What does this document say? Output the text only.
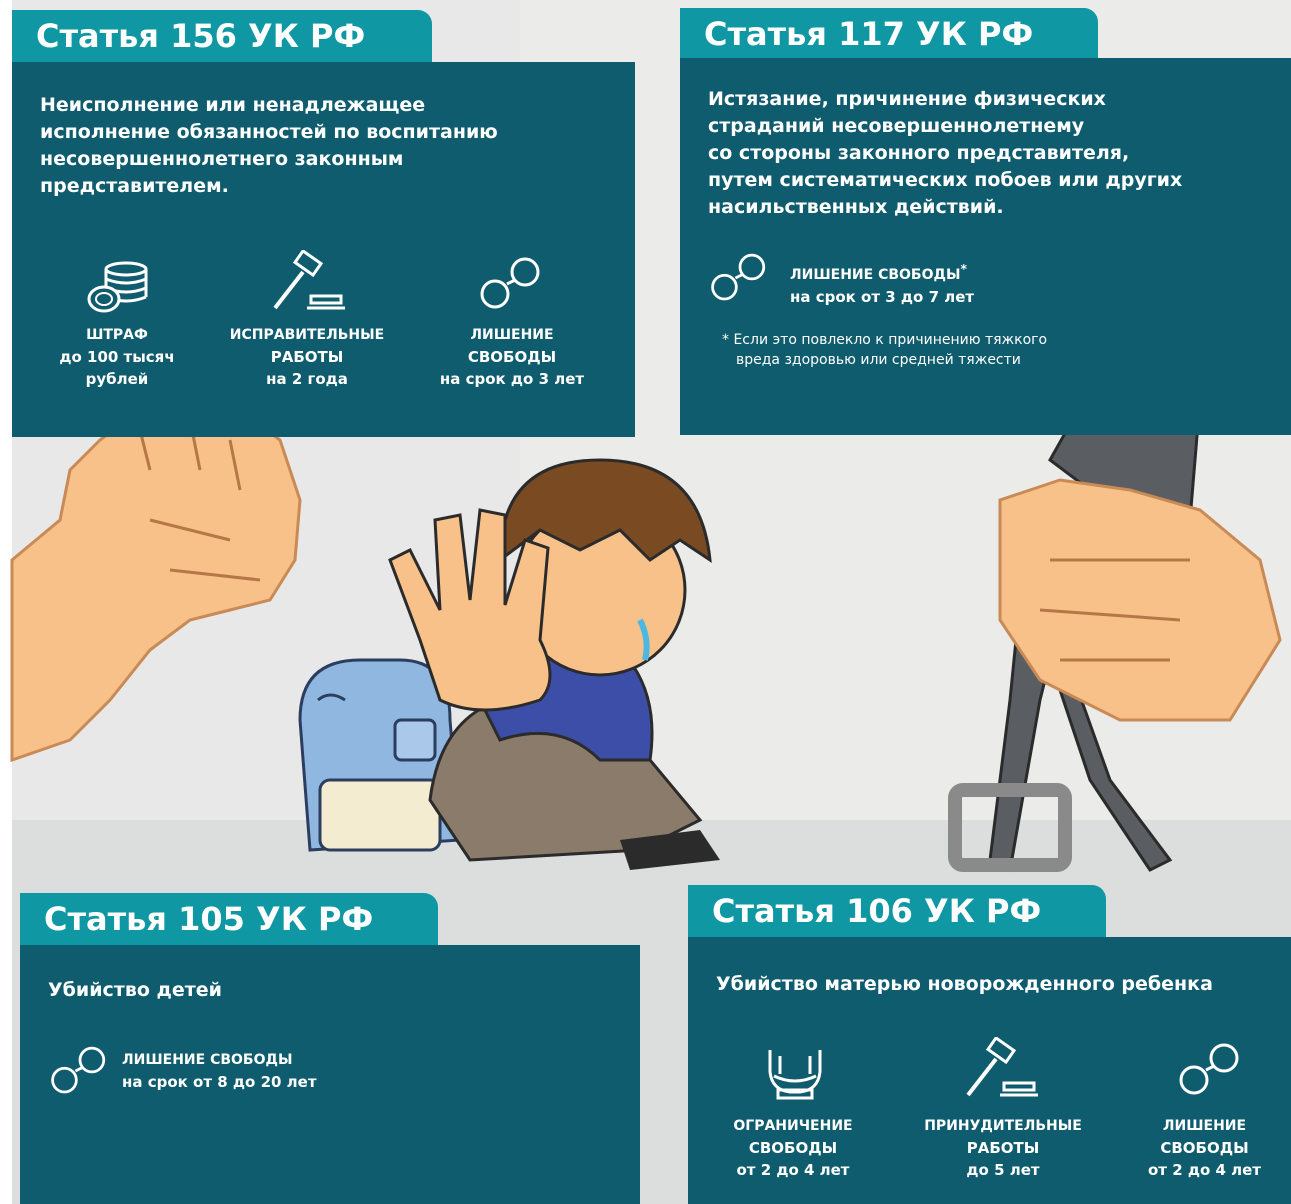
Статья 156 УК РФ
Неисполнение или ненадлежащее
исполнение обязанностей по воспитанию
несовершеннолетнего законным
представителем.
ШТРАФ
до 100 тысяч
рублей
ИСПРАВИТЕЛЬНЫЕ
РАБОТЫ
на 2 года
ЛИШЕНИЕ
СВОБОДЫ
на срок до 3 лет
Статья 117 УК РФ
Истязание, причинение физических
страданий несовершеннолетнему
со стороны законного представителя,
путем систематических побоев или других
насильственных действий.
ЛИШЕНИЕ СВОБОДЫ*
на срок от 3 до 7 лет
* Если это повлекло к причинению тяжкого
вреда здоровью или средней тяжести
Статья 105 УК РФ
Убийство детей
ЛИШЕНИЕ СВОБОДЫ
на срок от 8 до 20 лет
Статья 106 УК РФ
Убийство матерью новорожденного ребенка
ОГРАНИЧЕНИЕ
СВОБОДЫ
от 2 до 4 лет
ПРИНУДИТЕЛЬНЫЕ
РАБОТЫ
до 5 лет
ЛИШЕНИЕ
СВОБОДЫ
от 2 до 4 лет
